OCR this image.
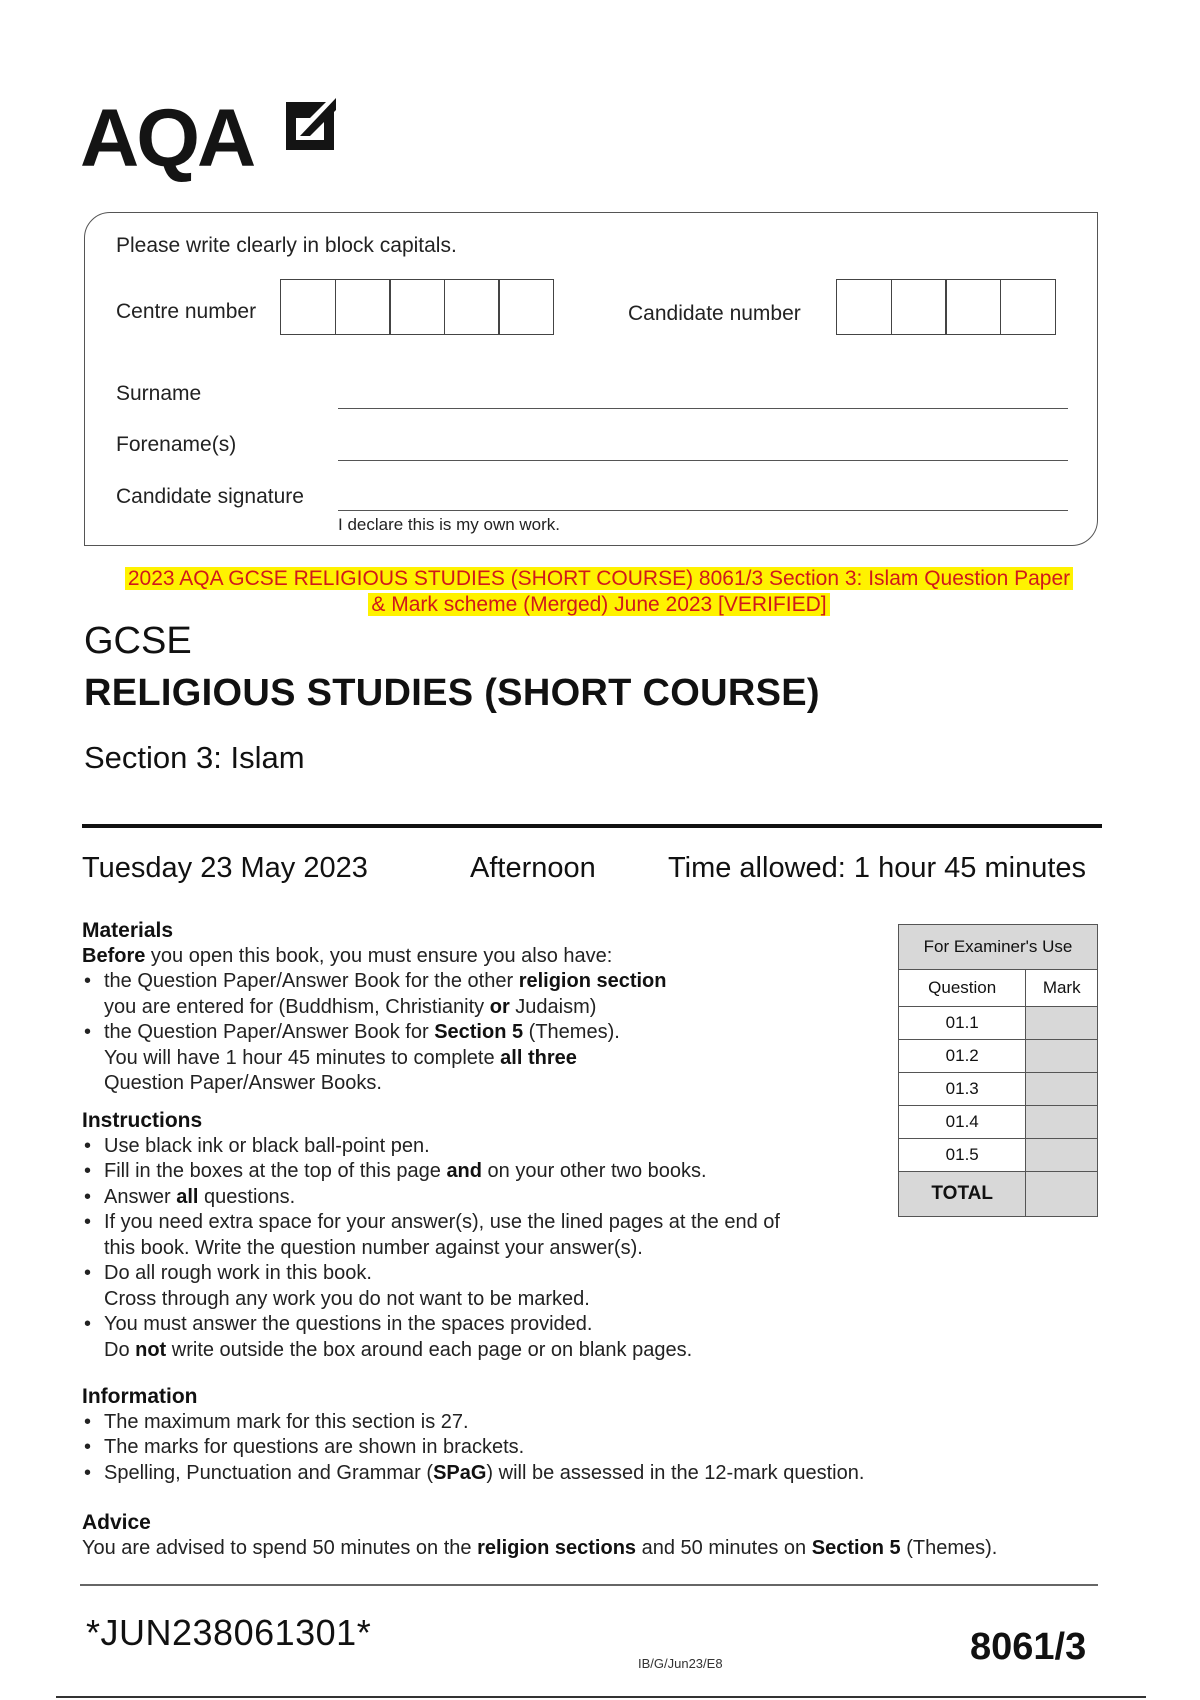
AQA
Please write clearly in block capitals.
Centre number	Candidate number
Surname
Forename(s)
Candidate signature
I declare this is my own work.
2023 AQA GCSE RELIGIOUS STUDIES (SHORT COURSE) 8061/3 Section 3: Islam Question Paper
& Mark scheme (Merged) June 2023 [VERIFIED]
GCSE
RELIGIOUS STUDIES (SHORT COURSE)
Section 3: Islam
Tuesday 23 May 2023	Afternoon Time allowed: 1 hour 45 minutes
Materials
Before you open this book, you must ensure you also have:
• the Question Paper/Answer Book for the other religion section
you are entered for (Buddhism, Christianity or Judaism)
• the Question Paper/Answer Book for Section 5 (Themes).
You will have 1 hour 45 minutes to complete all three
Question Paper/Answer Books.
Instructions
• Use black ink or black ball-point pen.
• Fill in the boxes at the top of this page and on your other two books.
• Answer all questions.
• If you need extra space for your answer(s), use the lined pages at the end of
this book. Write the question number against your answer(s).
• Do all rough work in this book.
Cross through any work you do not want to be marked.
• You must answer the questions in the spaces provided.
Do not write outside the box around each page or on blank pages.
Information
• The maximum mark for this section is 27.
• The marks for questions are shown in brackets.
• Spelling, Punctuation and Grammar (SPaG) will be assessed in the 12-mark question.
Advice
You are advised to spend 50 minutes on the religion sections and 50 minutes on Section 5 (Themes).
For Examiner's Use	
Question	Mark
01.1	
01.2	
01.3	
01.4	
01.5	
TOTAL	
*JUN238061301*
IB/G/Jun23/E8	8061/3
